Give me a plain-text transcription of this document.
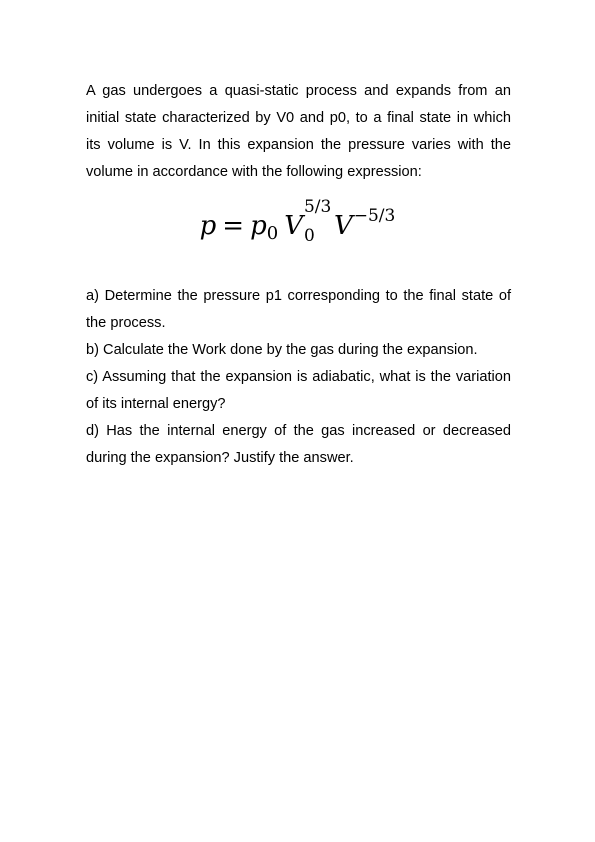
A gas undergoes a quasi-static process and expands from an initial state characterized by V0 and p0, to a final state in which its volume is V. In this expansion the pressure varies with the volume in accordance with the following expression:

p = p0 V
5/3
0 $V^{-5/3}$
a) Determine the pressure p1 corresponding to the final state of the process.
b) Calculate the Work done by the gas during the expansion.
c) Assuming that the expansion is adiabatic, what is the variation of its internal energy?
d) Has the internal energy of the gas increased or decreased during the expansion? Justify the answer.
